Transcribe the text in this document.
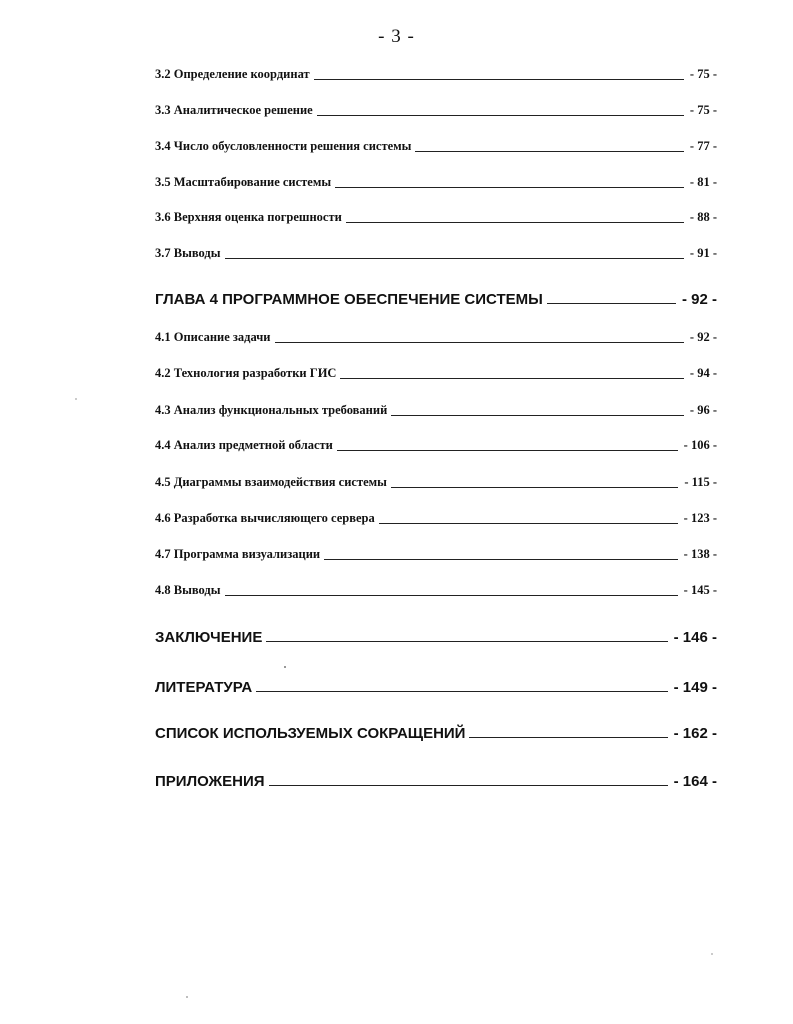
- 3 -
3.2 Определение координат	- 75 -
3.3 Аналитическое решение	- 75 -
3.4 Число обусловленности решения системы	- 77 -
3.5 Масштабирование системы	- 81 -
3.6 Верхняя оценка погрешности	- 88 -
3.7 Выводы	- 91 -
ГЛАВА 4 ПРОГРАММНОЕ ОБЕСПЕЧЕНИЕ СИСТЕМЫ	- 92 -
4.1 Описание задачи	- 92 -
4.2 Технология разработки ГИС	- 94 -
4.3 Анализ функциональных требований	- 96 -
4.4 Анализ предметной области	- 106 -
4.5 Диаграммы взаимодействия системы	- 115 -
4.6 Разработка вычисляющего сервера	- 123 -
4.7 Программа визуализации	- 138 -
4.8 Выводы	- 145 -
ЗАКЛЮЧЕНИЕ	- 146 -
ЛИТЕРАТУРА	- 149 -
СПИСОК ИСПОЛЬЗУЕМЫХ СОКРАЩЕНИЙ	- 162 -
ПРИЛОЖЕНИЯ	- 164 -
